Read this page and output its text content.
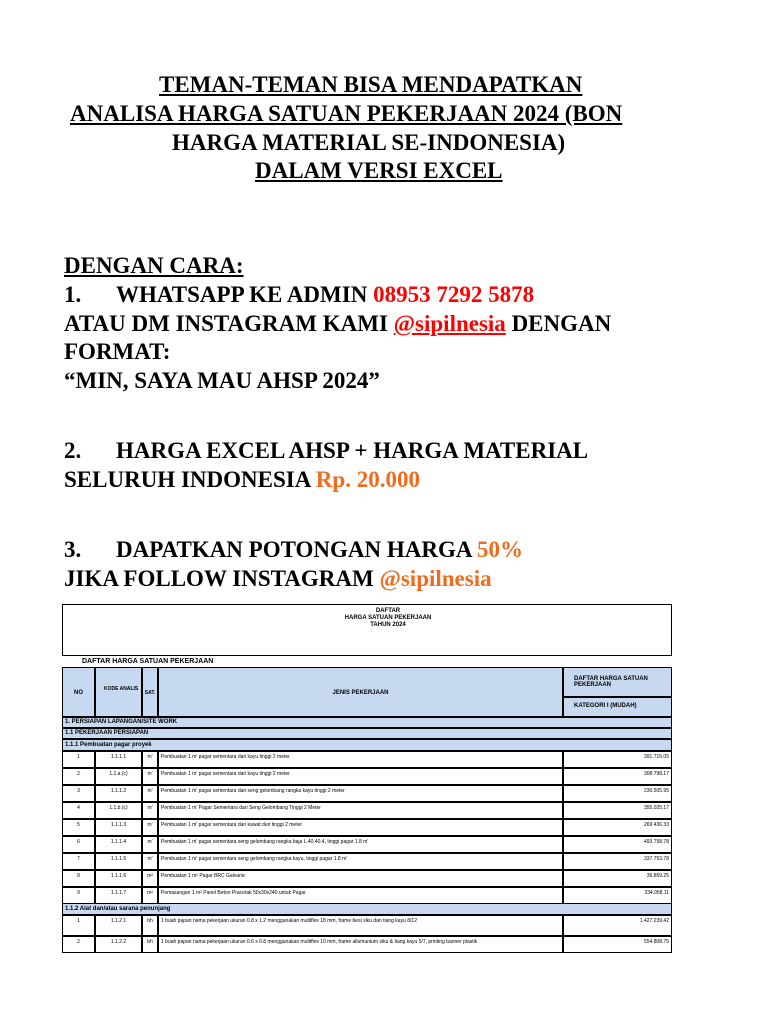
TEMAN-TEMAN BISA MENDAPATKAN
ANALISA HARGA SATUAN PEKERJAAN 2024 (BON
HARGA MATERIAL SE-INDONESIA)
DALAM VERSI EXCEL
DENGAN CARA:
1. WHATSAPP KE ADMIN 08953 7292 5878
ATAU DM INSTAGRAM KAMI @sipilnesia DENGAN
FORMAT:
“MIN, SAYA MAU AHSP 2024”
2. HARGA EXCEL AHSP + HARGA MATERIAL
SELURUH INDONESIA Rp. 20.000
3. DAPATKAN POTONGAN HARGA 50%
JIKA FOLLOW INSTAGRAM @sipilnesia
DAFTAR
HARGA SATUAN PEKERJAAN
TAHUN 2024
DAFTAR HARGA SATUAN PEKERJAAN
NO
KODE ANALIS
SAT.	JENIS PEKERJAAN
DAFTAR HARGA SATUAN PEKERJAAN
KATEGORI I (MUDAH)
1. PERSIAPAN LAPANGAN/SITE WORK
1.1 PEKERJAAN PERSIAPAN
1.1.1 Pembuatan pagar proyek
1	1.1.1.1	m'	Pembuatan 1 m' pagar sementara dari kayu tinggi 2 meter	391.715.05
2	1.1.a.(c)	m'	Pembuatan 1 m' pagar sementara dari kayu tinggi 2 meter	308.798.17
3	1.1.1.2	m'	Pembuatan 1 m' pagar sementara dari seng gelombang rangka kayu tinggi 2 meter	230.505.95
4	1.1.b.(c)	m'	Pembuatan 1 m' Pagar Sementara dari Seng Gelombang Tinggi 2 Meter	355.025.17
5	1.1.1.3	m'	Pembuatan 1 m' pagar sementara dari kawat duri tinggi 2 meter	269.436.33
6	1.1.1.4	m'	Pembuatan 1 m' pagar sementara seng gelombang rangka baja L.40.40.4, tinggi pagar 1.8 m'	493.758.78
7	1.1.1.5	m'	Pembuatan 1 m' pagar sementara seng gelombang rangka kayu, tinggi pagar 1.8 m'	337.753.78
8	1.1.1.6	m²	Pembuatan 1 m² Pagar BRC Galvanic	36.859.25
9	1.1.1.7	m²	Pemasangan 1 m² Panel Beton Pracetak 50x30x240 untuk Pagar	334.958.11
1.1.2 Alat dan/atau sarana penunjang
1	1.1.2.1	bh	1 buah papan nama pekerjaan ukuran 0.8 x 1.2 menggunakan multiflex 18 mm, frame besi siku dan tiang kayu 8/12	1.427.239.42
2	1.1.2.2	bh	1 buah papan nama pekerjaan ukuran 0.6 x 0.8 menggunakan multiflex 10 mm, frame allumunium siku & tiang kayu 5/7, printing banner plastik	554.808.75
